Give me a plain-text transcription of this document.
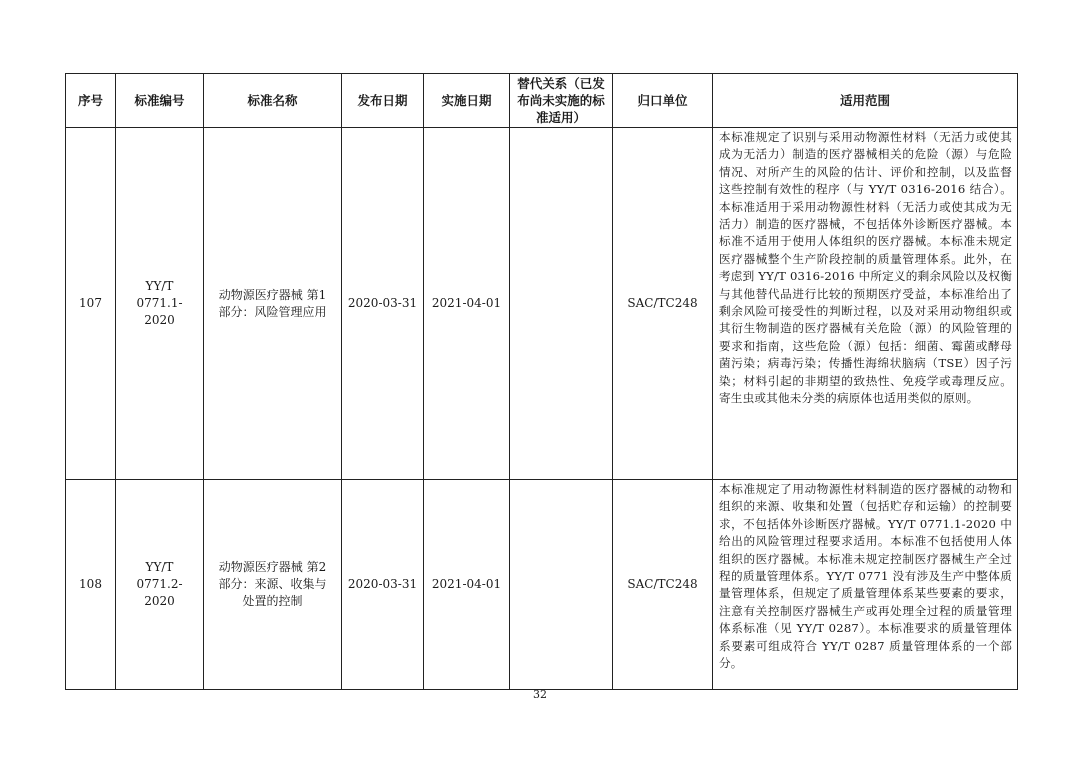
序号	标准编号	标准名称	发布日期	实施日期	替代关系（已发布尚未实施的标准适用）	归口单位	适用范围
107	YY/T 0771.1-2020	动物源医疗器械 第1部分：风险管理应用	2020-03-31	2021-04-01		SAC/TC248	本标准规定了识别与采用动物源性材料（无活力或使其成为无活力）制造的医疗器械相关的危险（源）与危险情况、对所产生的风险的估计、评价和控制，以及监督这些控制有效性的程序（与 YY/T 0316-2016 结合）。本标准适用于采用动物源性材料（无活力或使其成为无活力）制造的医疗器械，不包括体外诊断医疗器械。本标准不适用于使用人体组织的医疗器械。本标准未规定医疗器械整个生产阶段控制的质量管理体系。此外，在考虑到 YY/T 0316-2016 中所定义的剩余风险以及权衡与其他替代品进行比较的预期医疗受益，本标准给出了剩余风险可接受性的判断过程，以及对采用动物组织或其衍生物制造的医疗器械有关危险（源）的风险管理的要求和指南，这些危险（源）包括：细菌、霉菌或酵母菌污染；病毒污染；传播性海绵状脑病（TSE）因子污染；材料引起的非期望的致热性、免疫学或毒理反应。寄生虫或其他未分类的病原体也适用类似的原则。
108	YY/T 0771.2-2020	动物源医疗器械 第2部分：来源、收集与处置的控制	2020-03-31	2021-04-01		SAC/TC248	本标准规定了用动物源性材料制造的医疗器械的动物和组织的来源、收集和处置（包括贮存和运输）的控制要求，不包括体外诊断医疗器械。YY/T 0771.1-2020 中给出的风险管理过程要求适用。本标准不包括使用人体组织的医疗器械。本标准未规定控制医疗器械生产全过程的质量管理体系。YY/T 0771 没有涉及生产中整体质量管理体系，但规定了质量管理体系某些要素的要求，注意有关控制医疗器械生产或再处理全过程的质量管理体系标准（见 YY/T 0287）。本标准要求的质量管理体系要素可组成符合 YY/T 0287 质量管理体系的一个部分。
32
